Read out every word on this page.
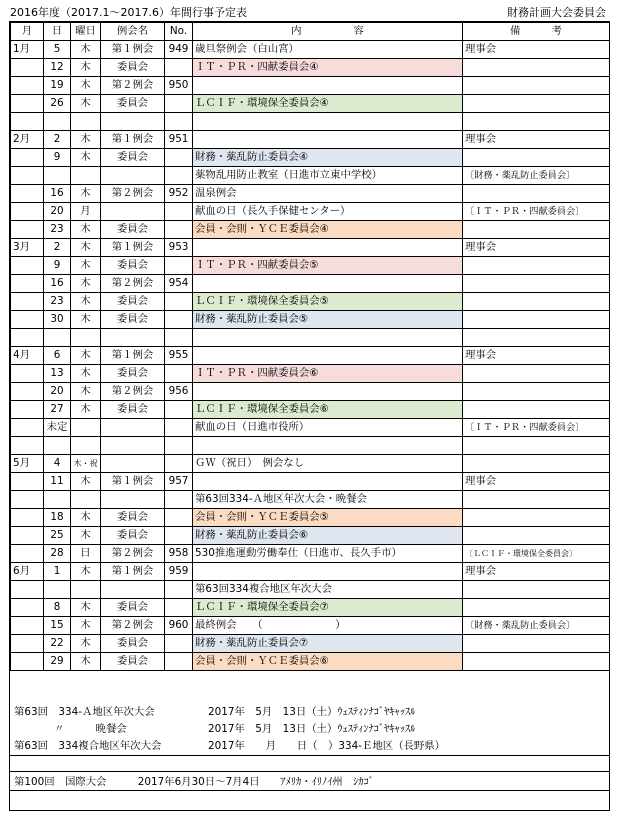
2016年度（2017.1～2017.6）年間行事予定表	財務計画大会委員会
月	日	曜日	例会名	No.	内　　　　　容	備　　　考
1月	5	木	第１例会	949	歳旦祭例会（白山宮）	理事会
	12	木	委員会		ＩＴ・ＰＲ・四献委員会④	
	19	木	第２例会	950		
	26	木	委員会		ＬＣＩＦ・環境保全委員会④	

2月	2	木	第１例会	951		理事会
	9	木	委員会		財務・薬乱防止委員会④	
					薬物乱用防止教室（日進市立東中学校）	〔財務・薬乱防止委員会〕
	16	木	第２例会	952	温泉例会	
	20	月			献血の日（長久手保健センター）	〔ＩＴ・ＰＲ・四献委員会〕
	23	木	委員会		会員・会則・ＹＣＥ委員会④	
3月	2	木	第１例会	953		理事会
	9	木	委員会		ＩＴ・ＰＲ・四献委員会⑤	
	16	木	第２例会	954		
	23	木	委員会		ＬＣＩＦ・環境保全委員会⑤	
	30	木	委員会		財務・薬乱防止委員会⑤	

4月	6	木	第１例会	955		理事会
	13	木	委員会		ＩＴ・ＰＲ・四献委員会⑥	
	20	木	第２例会	956		
	27	木	委員会		ＬＣＩＦ・環境保全委員会⑥	
	未定				献血の日（日進市役所）	〔ＩＴ・ＰＲ・四献委員会〕

5月	4	木・祝			ＧＷ（祝日）　例会なし	
	11	木	第１例会	957		理事会
					第63回334-Ａ地区年次大会・晩餐会	
	18	木	委員会		会員・会則・ＹＣＥ委員会⑤	
	25	木	委員会		財務・薬乱防止委員会⑥	
	28	日	第２例会	958	530推進運動労働奉仕（日進市、長久手市）	〔ＬＣＩＦ・環境保全委員会〕
6月	1	木	第１例会	959		理事会
					第63回334複合地区年次大会	
	8	木	委員会		ＬＣＩＦ・環境保全委員会⑦	
	15	木	第２例会	960	最終例会　　（　　　　　　　）	〔財務・薬乱防止委員会〕
	22	木	委員会		財務・薬乱防止委員会⑦	
	29	木	委員会		会員・会則・ＹＣＥ委員会⑥	
第63回　334-Ａ地区年次大会	2017年　5月　13日（土）ｳｪｽﾃｨﾝﾅｺﾞﾔｷｬｯｽﾙ
〃　　　晩餐会	2017年　5月　13日（土）ｳｪｽﾃｨﾝﾅｺﾞﾔｷｬｯｽﾙ
第63回　334複合地区年次大会	2017年　　月　　日（　）334-Ｅ地区（長野県）
第100回　国際大会　　　2017年6月30日～7月4日　　ｱﾒﾘｶ・ｲﾘﾉｲ州　ｼｶｺﾞ
